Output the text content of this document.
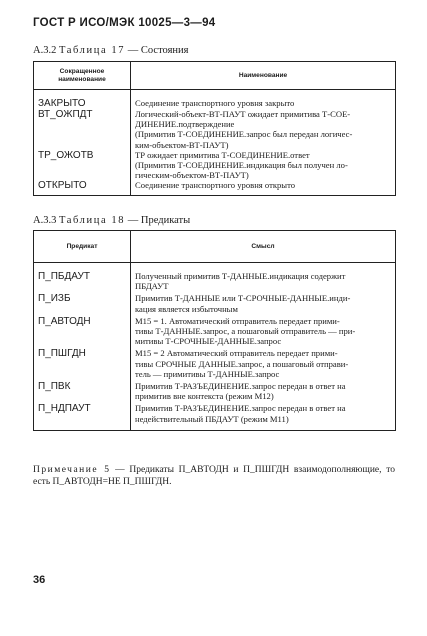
ГОСТ Р ИСО/МЭК 10025—3—94
А.3.2 Таблица 17 — Состояния
Сокращенное наименование	Наименование
ЗАКРЫТО	Соединение транспортного уровня закрыто

ВТ_ОЖПДТ	Логический-объект-ВТ-ПАУТ ожидает примитива Т-СОЕ-
ДИНЕНИЕ.подтверждение
(Примитив Т-СОЕДИНЕНИЕ.запрос был передан логичес-
ким-объектом-ВТ-ПАУТ)

ТР_ОЖОТВ	ТР ожидает примитива Т-СОЕДИНЕНИЕ.ответ
(Примитив Т-СОЕДИНЕНИЕ.индикация был получен ло-
гическим-объектом-ВТ-ПАУТ)

ОТКРЫТО	Соединение транспортного уровня открыто
А.3.3 Таблица 18 — Предикаты
Предикат	Смысл
П_ПБДАУТ	Полученный примитив Т-ДАННЫЕ.индикация содержит
ПБДАУТ

П_ИЗБ	Примитив Т-ДАННЫЕ или Т-СРОЧНЫЕ-ДАННЫЕ.инди-
кация является избыточным

П_АВТОДН	М15 = 1. Автоматический отправитель передает прими-
тивы Т-ДАННЫЕ.запрос, а пошаговый отправитель — при-
митивы Т-СРОЧНЫЕ-ДАННЫЕ.запрос

П_ПШГДН	М15 = 2 Автоматический отправитель передает прими-
тивы СРОЧНЫЕ ДАННЫЕ.запрос, а пошаговый отправи-
тель — примитивы Т-ДАННЫЕ.запрос

П_ПВК	Примитив Т-РАЗЪЕДИНЕНИЕ.запрос передан в ответ на
примитив вне контекста (режим М12)

П_НДПАУТ	Примитив Т-РАЗЪЕДИНЕНИЕ.запрос передан в ответ на
недействительный ПБДАУТ (режим М11)
Примечание 5 — Предикаты П_АВТОДН и П_ПШГДН взаимодополняющие, то есть П_АВТОДН=НЕ П_ПШГДН.
36
